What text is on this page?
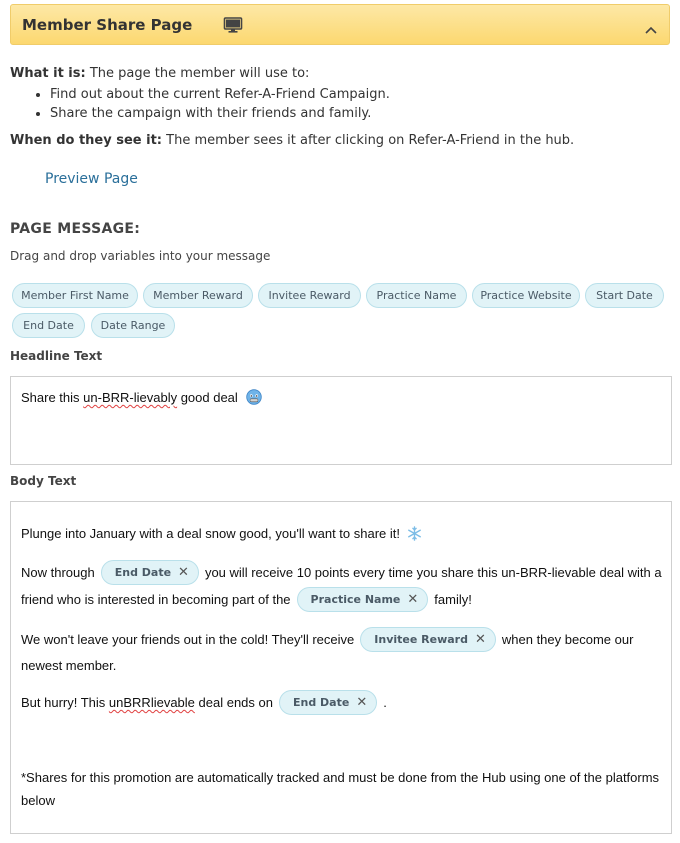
Member Share Page
What it is: The page the member will use to:
• Find out about the current Refer-A-Friend Campaign.
• Share the campaign with their friends and family.
When do they see it: The member sees it after clicking on Refer-A-Friend in the hub.
Preview Page
PAGE MESSAGE:
Drag and drop variables into your message
Member First Name	Member Reward	Invitee Reward	Practice Name	Practice Website	Start Date
End Date	Date Range
Headline Text
Share this un-BRR-lievably good deal
Body Text
Plunge into January with a deal snow good, you'll want to share it!
Now through End Date ✕ you will receive 10 points every time you share this un-BRR-lievable deal with a
friend who is interested in becoming part of the Practice Name ✕ family!
We won't leave your friends out in the cold! They'll receive Invitee Reward ✕ when they become our
newest member.
But hurry! This unBRRlievable deal ends on End Date ✕ .
*Shares for this promotion are automatically tracked and must be done from the Hub using one of the platforms
below
